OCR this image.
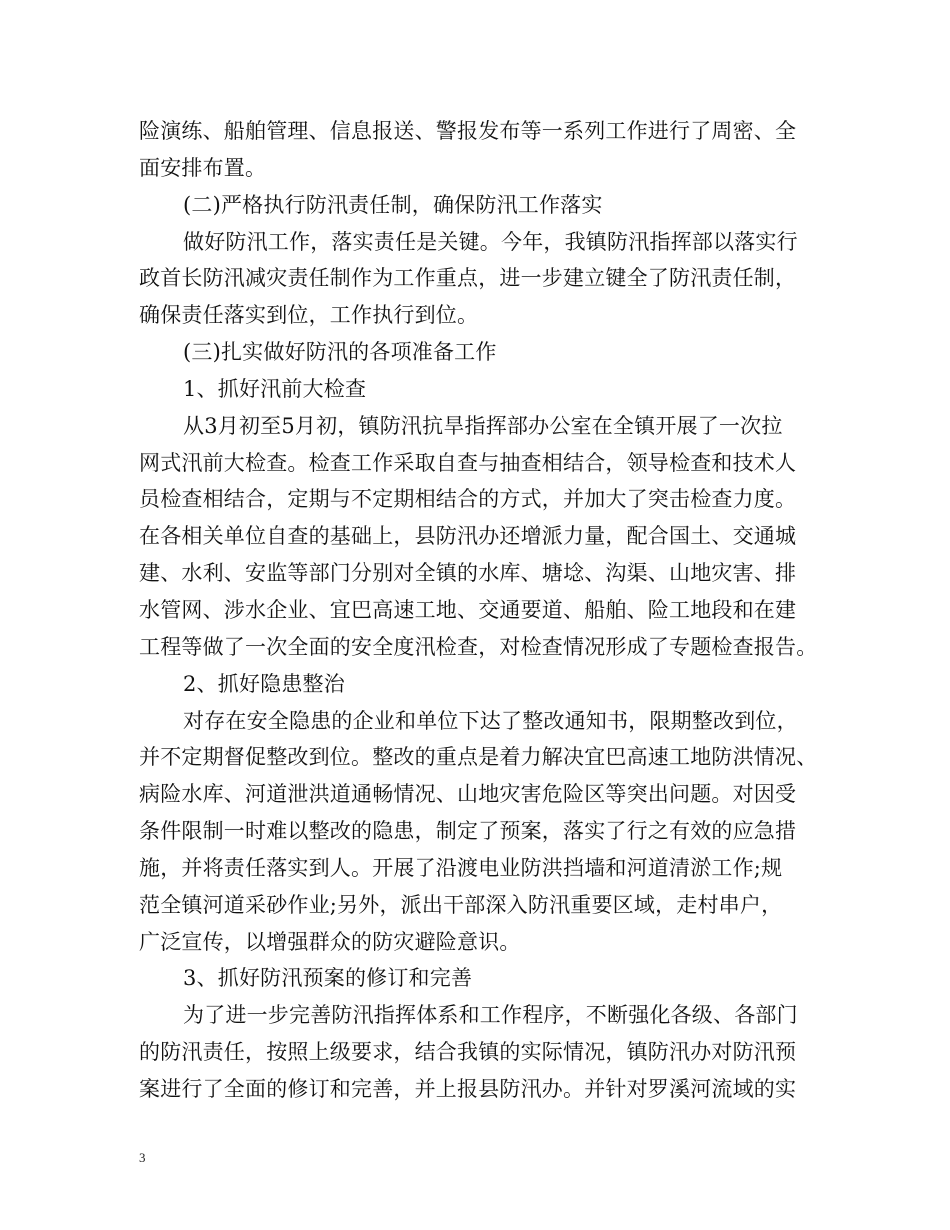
险演练、船舶管理、信息报送、警报发布等一系列工作进行了周密、全
面安排布置。
(二)严格执行防汛责任制，确保防汛工作落实
做好防汛工作，落实责任是关键。今年，我镇防汛指挥部以落实行
政首长防汛减灾责任制作为工作重点，进一步建立键全了防汛责任制，
确保责任落实到位，工作执行到位。
(三)扎实做好防汛的各项准备工作
1、抓好汛前大检查
从3月初至5月初，镇防汛抗旱指挥部办公室在全镇开展了一次拉
网式汛前大检查。检查工作采取自查与抽查相结合，领导检查和技术人
员检查相结合，定期与不定期相结合的方式，并加大了突击检查力度。
在各相关单位自查的基础上，县防汛办还增派力量，配合国土、交通城
建、水利、安监等部门分别对全镇的水库、塘埝、沟渠、山地灾害、排
水管网、涉水企业、宜巴高速工地、交通要道、船舶、险工地段和在建
工程等做了一次全面的安全度汛检查，对检查情况形成了专题检查报告。
2、抓好隐患整治
对存在安全隐患的企业和单位下达了整改通知书，限期整改到位，
并不定期督促整改到位。整改的重点是着力解决宜巴高速工地防洪情况、
病险水库、河道泄洪道通畅情况、山地灾害危险区等突出问题。对因受
条件限制一时难以整改的隐患，制定了预案，落实了行之有效的应急措
施，并将责任落实到人。开展了沿渡电业防洪挡墙和河道清淤工作;规
范全镇河道采砂作业;另外，派出干部深入防汛重要区域，走村串户，
广泛宣传，以增强群众的防灾避险意识。
3、抓好防汛预案的修订和完善
为了进一步完善防汛指挥体系和工作程序，不断强化各级、各部门
的防汛责任，按照上级要求，结合我镇的实际情况，镇防汛办对防汛预
案进行了全面的修订和完善，并上报县防汛办。并针对罗溪河流域的实
3
